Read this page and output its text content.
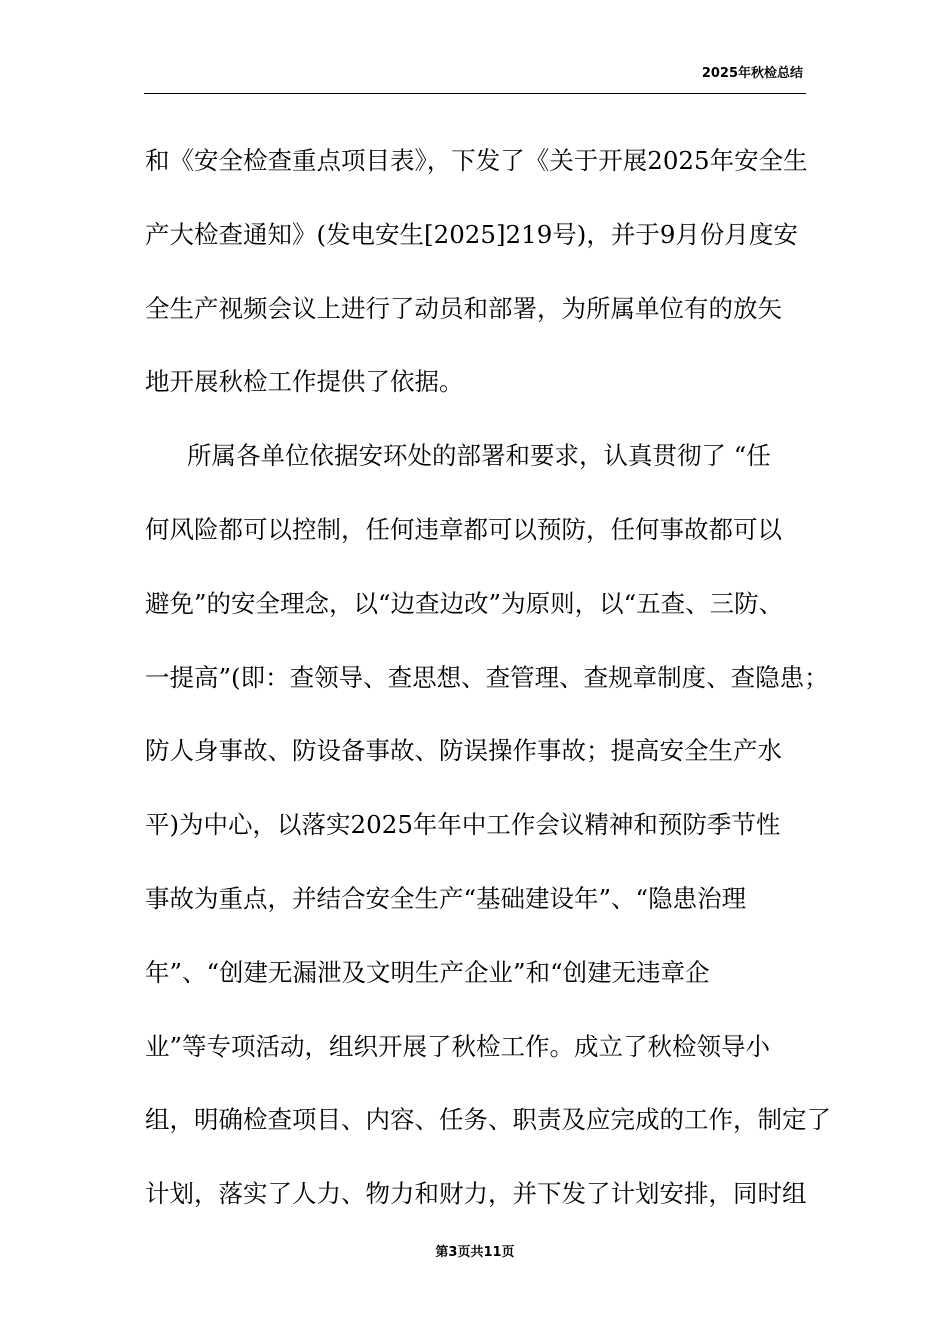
2025年秋检总结
和《安全检查重点项目表》，下发了《关于开展2025年安全生
产大检查通知》(发电安生[2025]219号)，并于9月份月度安
全生产视频会议上进行了动员和部署，为所属单位有的放矢
地开展秋检工作提供了依据。
所属各单位依据安环处的部署和要求，认真贯彻了 “任
何风险都可以控制，任何违章都可以预防，任何事故都可以
避免”的安全理念，以“边查边改”为原则，以“五查、三防、
一提高”(即：查领导、查思想、查管理、查规章制度、查隐患；
防人身事故、防设备事故、防误操作事故；提高安全生产水
平)为中心，以落实2025年年中工作会议精神和预防季节性
事故为重点，并结合安全生产“基础建设年”、“隐患治理
年”、“创建无漏泄及文明生产企业”和“创建无违章企
业”等专项活动，组织开展了秋检工作。成立了秋检领导小
组，明确检查项目、内容、任务、职责及应完成的工作，制定了
计划，落实了人力、物力和财力，并下发了计划安排，同时组
第3页共11页
